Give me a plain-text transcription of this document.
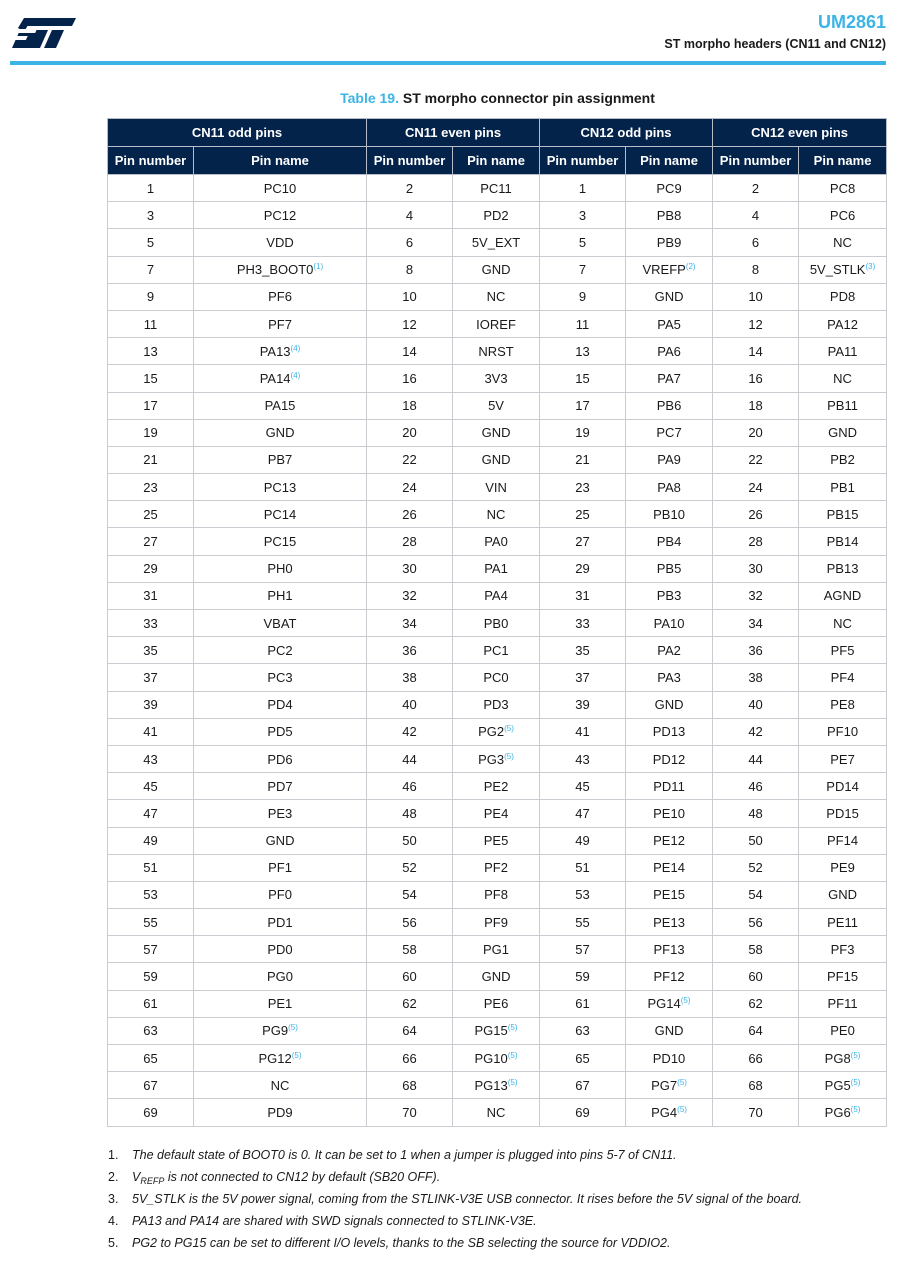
ST	UM2861
ST morpho headers (CN11 and CN12)
Table 19. ST morpho connector pin assignment
CN11 odd pins		CN11 even pins		CN12 odd pins		CN12 even pins	
Pin number	Pin name	Pin number	Pin name	Pin number	Pin name	Pin number	Pin name
1	PC10	2	PC11	1	PC9	2	PC8
3	PC12	4	PD2	3	PB8	4	PC6
5	VDD	6	5V_EXT	5	PB9	6	NC
7	PH3_BOOT0$^{(1)}$	8	GND	7	VREFP$^{(2)}$	8	5V_STLK$^{(3)}$
9	PF6	10	NC	9	GND	10	PD8
11	PF7	12	IOREF	11	PA5	12	PA12
13	PA13$^{(4)}$	14	NRST	13	PA6	14	PA11
15	PA14$^{(4)}$	16	3V3	15	PA7	16	NC
17	PA15	18	5V	17	PB6	18	PB11
19	GND	20	GND	19	PC7	20	GND
21	PB7	22	GND	21	PA9	22	PB2
23	PC13	24	VIN	23	PA8	24	PB1
25	PC14	26	NC	25	PB10	26	PB15
27	PC15	28	PA0	27	PB4	28	PB14
29	PH0	30	PA1	29	PB5	30	PB13
31	PH1	32	PA4	31	PB3	32	AGND
33	VBAT	34	PB0	33	PA10	34	NC
35	PC2	36	PC1	35	PA2	36	PF5
37	PC3	38	PC0	37	PA3	38	PF4
39	PD4	40	PD3	39	GND	40	PE8
41	PD5	42	PG2$^{(5)}$	41	PD13	42	PF10
43	PD6	44	PG3$^{(5)}$	43	PD12	44	PE7
45	PD7	46	PE2	45	PD11	46	PD14
47	PE3	48	PE4	47	PE10	48	PD15
49	GND	50	PE5	49	PE12	50	PF14
51	PF1	52	PF2	51	PE14	52	PE9
53	PF0	54	PF8	53	PE15	54	GND
55	PD1	56	PF9	55	PE13	56	PE11
57	PD0	58	PG1	57	PF13	58	PF3
59	PG0	60	GND	59	PF12	60	PF15
61	PE1	62	PE6	61	PG14$^{(5)}$	62	PF11
63	PG9$^{(5)}$	64	PG15$^{(5)}$	63	GND	64	PE0
65	PG12$^{(5)}$	66	PG10$^{(5)}$	65	PD10	66	PG8$^{(5)}$
67	NC	68	PG13$^{(5)}$	67	PG7$^{(5)}$	68	PG5$^{(5)}$
69	PD9	70	NC	69	PG4$^{(5)}$	70	PG6$^{(5)}$
1. The default state of BOOT0 is 0. It can be set to 1 when a jumper is plugged into pins 5-7 of CN11.
2. $V_{REFP}$ is not connected to CN12 by default (SB20 OFF).
3. 5V_STLK is the 5V power signal, coming from the STLINK-V3E USB connector. It rises before the 5V signal of the board.
4. PA13 and PA14 are shared with SWD signals connected to STLINK-V3E.
5. PG2 to PG15 can be set to different I/O levels, thanks to the SB selecting the source for VDDIO2.
